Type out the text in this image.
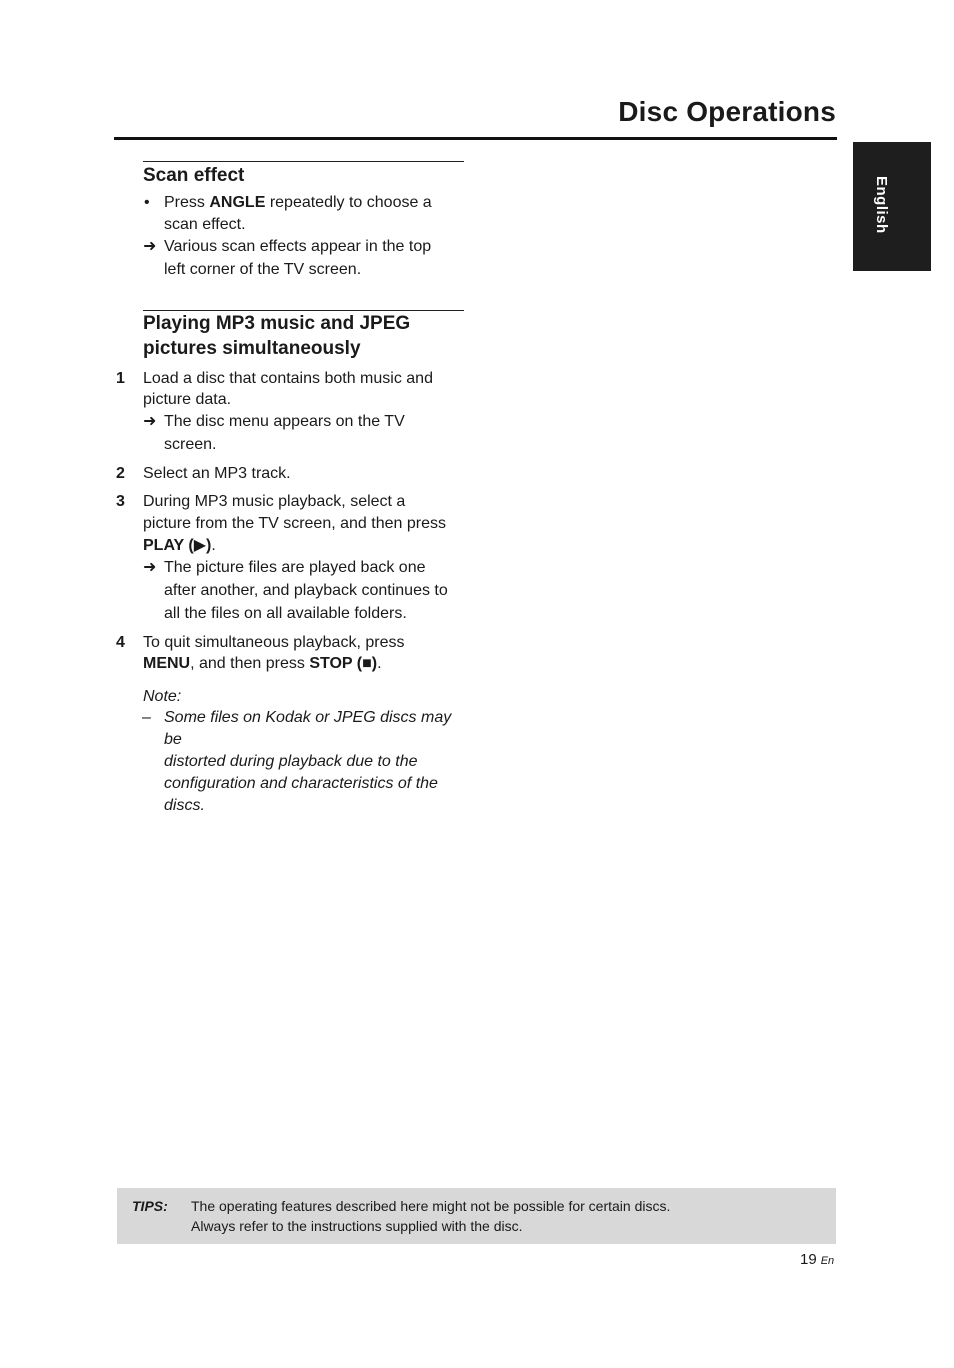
Disc Operations
English
Scan effect
• Press ANGLE repeatedly to choose a
scan effect.
➜ Various scan effects appear in the top
left corner of the TV screen.
Playing MP3 music and JPEG
pictures simultaneously
1 Load a disc that contains both music and
picture data.
➜ The disc menu appears on the TV
screen.
2 Select an MP3 track.
3 During MP3 music playback, select a
picture from the TV screen, and then press
PLAY (▶).
➜ The picture files are played back one
after another, and playback continues to
all the files on all available folders.
4 To quit simultaneous playback, press
MENU, and then press STOP (■).
Note:
– Some files on Kodak or JPEG discs may be
distorted during playback due to the
configuration and characteristics of the
discs.
TIPS: The operating features described here might not be possible for certain discs.
Always refer to the instructions supplied with the disc.
19 En
